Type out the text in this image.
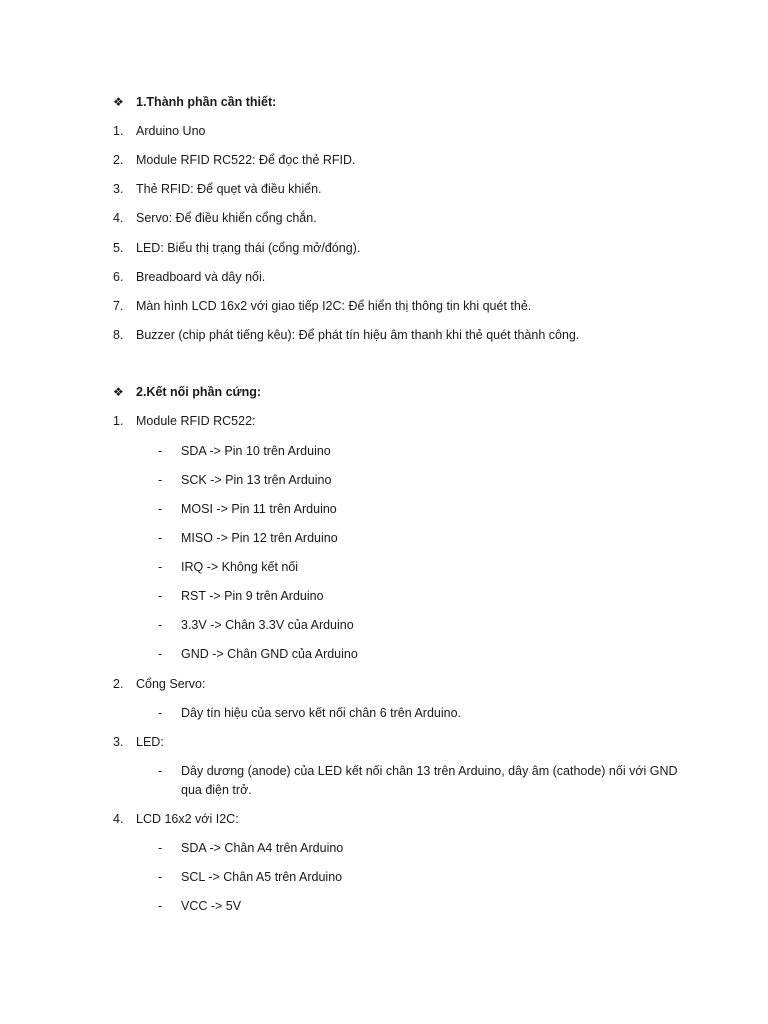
❖ 1.Thành phần cần thiết:
1. Arduino Uno
2. Module RFID RC522: Để đọc thẻ RFID.
3. Thẻ RFID: Để quẹt và điều khiển.
4. Servo: Để điều khiển cổng chắn.
5. LED: Biểu thị trạng thái (cổng mở/đóng).
6. Breadboard và dây nối.
7. Màn hình LCD 16x2 với giao tiếp I2C: Để hiển thị thông tin khi quét thẻ.
8. Buzzer (chip phát tiếng kêu): Để phát tín hiệu âm thanh khi thẻ quét thành công.
❖ 2.Kết nối phần cứng:
1. Module RFID RC522:
- SDA -> Pin 10 trên Arduino
- SCK -> Pin 13 trên Arduino
- MOSI -> Pin 11 trên Arduino
- MISO -> Pin 12 trên Arduino
- IRQ -> Không kết nối
- RST -> Pin 9 trên Arduino
- 3.3V -> Chân 3.3V của Arduino
- GND -> Chân GND của Arduino
2. Cổng Servo:
- Dây tín hiệu của servo kết nối chân 6 trên Arduino.
3. LED:
- Dây dương (anode) của LED kết nối chân 13 trên Arduino, dây âm (cathode) nối với GND
qua điện trở.
4. LCD 16x2 với I2C:
- SDA -> Chân A4 trên Arduino
- SCL -> Chân A5 trên Arduino
- VCC -> 5V
